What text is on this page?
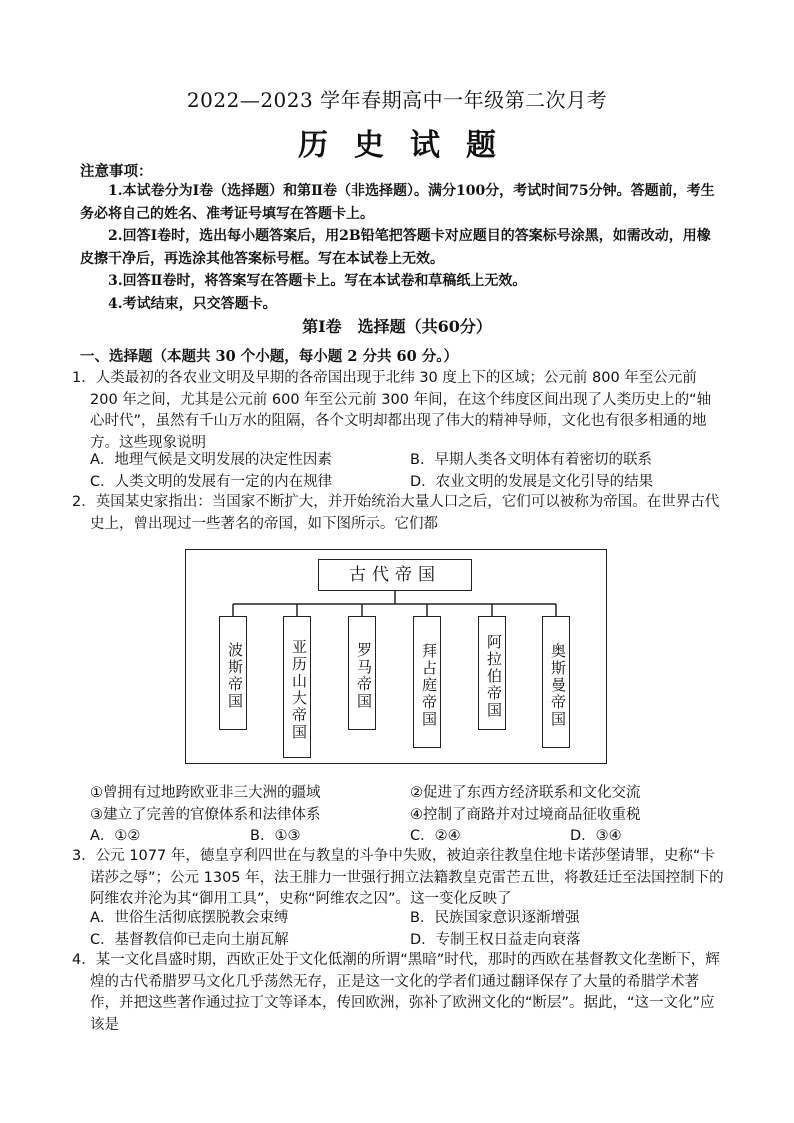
2022—2023 学年春期高中一年级第二次月考
历史试题
注意事项：

1.本试卷分为Ⅰ卷（选择题）和第Ⅱ卷（非选择题）。满分100分，考试时间75分钟。答题前，考生务必将自己的姓名、准考证号填写在答题卡上。

2.回答Ⅰ卷时，选出每小题答案后，用2B铅笔把答题卡对应题目的答案标号涂黑，如需改动，用橡皮擦干净后，再选涂其他答案标号框。写在本试卷上无效。

3.回答Ⅱ卷时，将答案写在答题卡上。写在本试卷和草稿纸上无效。

4.考试结束，只交答题卡。

第Ⅰ卷　选择题（共60分）
一、选择题（本题共 30 个小题，每小题 2 分共 60 分。）

1．人类最初的各农业文明及早期的各帝国出现于北纬 30 度上下的区域；公元前 800 年至公元前 200 年之间，尤其是公元前 600 年至公元前 300 年间，在这个纬度区间出现了人类历史上的“轴心时代”，虽然有千山万水的阻隔，各个文明却都出现了伟大的精神导师，文化也有很多相通的地方。这些现象说明

A．地理气候是文明发展的决定性因素	B．早期人类各文明体有着密切的联系
C．人类文明的发展有一定的内在规律	D．农业文明的发展是文化引导的结果

2．英国某史家指出：当国家不断扩大，并开始统治大量人口之后，它们可以被称为帝国。在世界古代史上，曾出现过一些著名的帝国，如下图所示。它们都

古代帝国
波斯帝国	亚历山大帝国	罗马帝国	拜占庭帝国	阿拉伯帝国	奥斯曼帝国
①曾拥有过地跨欧亚非三大洲的疆域	②促进了东西方经济联系和文化交流
③建立了完善的官僚体系和法律体系	④控制了商路并对过境商品征收重税
A．①②	B．①③	C．②④	D．③④

3．公元 1077 年，德皇亨利四世在与教皇的斗争中失败，被迫亲往教皇住地卡诺莎堡请罪，史称“卡诺莎之辱”；公元 1305 年，法王腓力一世强行拥立法籍教皇克雷芒五世，将教廷迁至法国控制下的阿维农并沦为其“御用工具”，史称“阿维农之囚”。这一变化反映了

A．世俗生活彻底摆脱教会束缚	B．民族国家意识逐渐增强
C．基督教信仰已走向土崩瓦解	D．专制王权日益走向衰落

4．某一文化昌盛时期，西欧正处于文化低潮的所谓“黑暗”时代，那时的西欧在基督教文化垄断下，辉煌的古代希腊罗马文化几乎荡然无存，正是这一文化的学者们通过翻译保存了大量的希腊学术著作，并把这些著作通过拉丁文等译本，传回欧洲，弥补了欧洲文化的“断层”。据此，“这一文化”应该是
